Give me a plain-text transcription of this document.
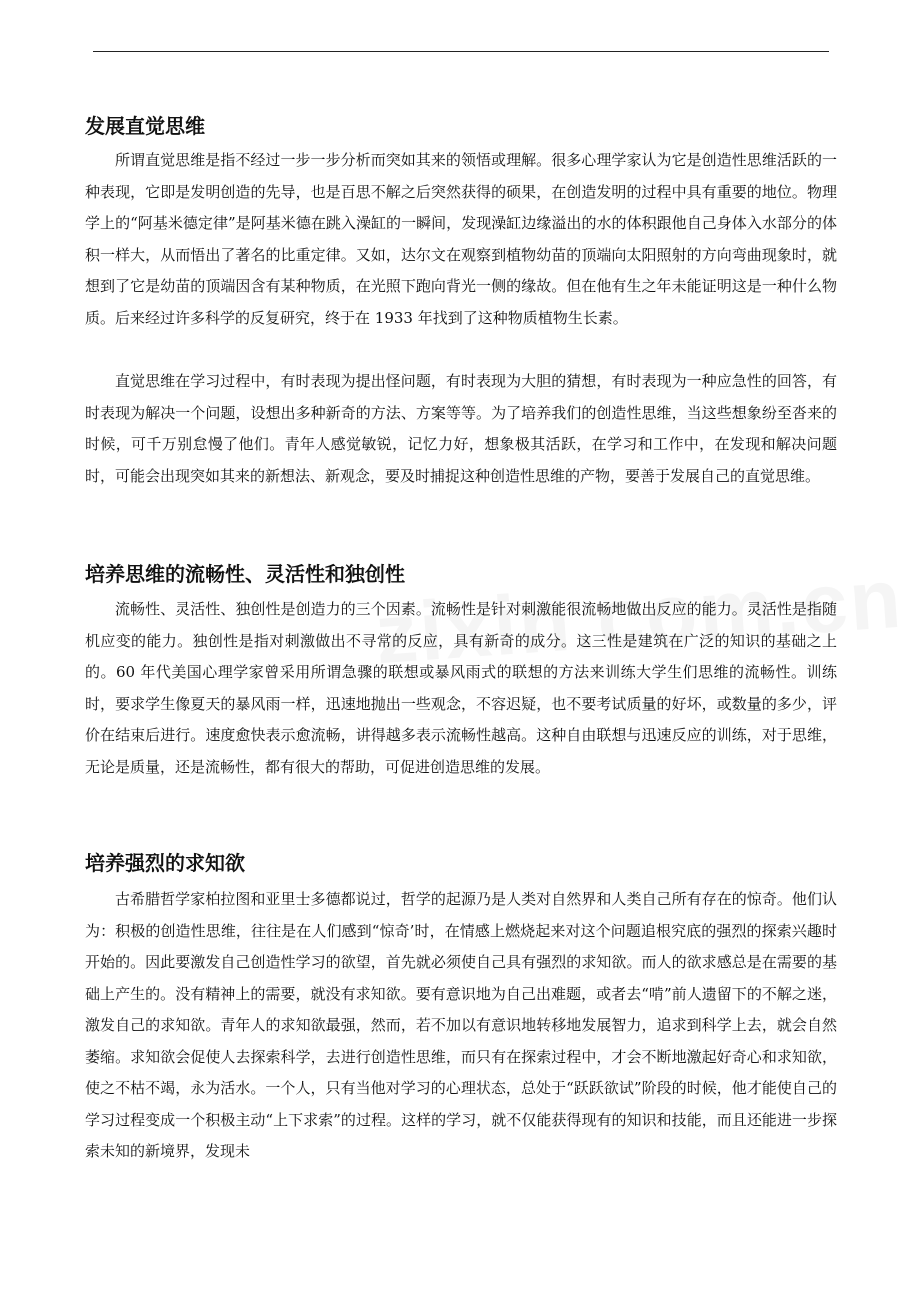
发展直觉思维

所谓直觉思维是指不经过一步一步分析而突如其来的领悟或理解。很多心理学家认为它是创造性思维活跃的一种表现，它即是发明创造的先导，也是百思不解之后突然获得的硕果，在创造发明的过程中具有重要的地位。物理学上的“阿基米德定律”是阿基米德在跳入澡缸的一瞬间，发现澡缸边缘溢出的水的体积跟他自己身体入水部分的体积一样大，从而悟出了著名的比重定律。又如，达尔文在观察到植物幼苗的顶端向太阳照射的方向弯曲现象时，就想到了它是幼苗的顶端因含有某种物质，在光照下跑向背光一侧的缘故。但在他有生之年未能证明这是一种什么物质。后来经过许多科学的反复研究，终于在 1933 年找到了这种物质植物生长素。

直觉思维在学习过程中，有时表现为提出怪问题，有时表现为大胆的猜想，有时表现为一种应急性的回答，有时表现为解决一个问题，设想出多种新奇的方法、方案等等。为了培养我们的创造性思维，当这些想象纷至沓来的时候，可千万别怠慢了他们。青年人感觉敏锐，记忆力好，想象极其活跃，在学习和工作中，在发现和解决问题时，可能会出现突如其来的新想法、新观念，要及时捕捉这种创造性思维的产物，要善于发展自己的直觉思维。

培养思维的流畅性、灵活性和独创性

流畅性、灵活性、独创性是创造力的三个因素。流畅性是针对刺激能很流畅地做出反应的能力。灵活性是指随机应变的能力。独创性是指对刺激做出不寻常的反应，具有新奇的成分。这三性是建筑在广泛的知识的基础之上的。60 年代美国心理学家曾采用所谓急骤的联想或暴风雨式的联想的方法来训练大学生们思维的流畅性。训练时，要求学生像夏天的暴风雨一样，迅速地抛出一些观念，不容迟疑，也不要考试质量的好坏，或数量的多少，评价在结束后进行。速度愈快表示愈流畅，讲得越多表示流畅性越高。这种自由联想与迅速反应的训练，对于思维，无论是质量，还是流畅性，都有很大的帮助，可促进创造思维的发展。

培养强烈的求知欲

古希腊哲学家柏拉图和亚里士多德都说过，哲学的起源乃是人类对自然界和人类自己所有存在的惊奇。他们认为：积极的创造性思维，往往是在人们感到“惊奇’时，在情感上燃烧起来对这个问题追根究底的强烈的探索兴趣时开始的。因此要激发自己创造性学习的欲望，首先就必须使自己具有强烈的求知欲。而人的欲求感总是在需要的基础上产生的。没有精神上的需要，就没有求知欲。要有意识地为自己出难题，或者去“啃”前人遗留下的不解之迷，激发自己的求知欲。青年人的求知欲最强，然而，若不加以有意识地转移地发展智力，追求到科学上去，就会自然萎缩。求知欲会促使人去探索科学，去进行创造性思维，而只有在探索过程中，才会不断地激起好奇心和求知欲，使之不枯不竭，永为活水。一个人，只有当他对学习的心理状态，总处于“跃跃欲试”阶段的时候，他才能使自己的学习过程变成一个积极主动“上下求索”的过程。这样的学习，就不仅能获得现有的知识和技能，而且还能进一步探索未知的新境界，发现未
